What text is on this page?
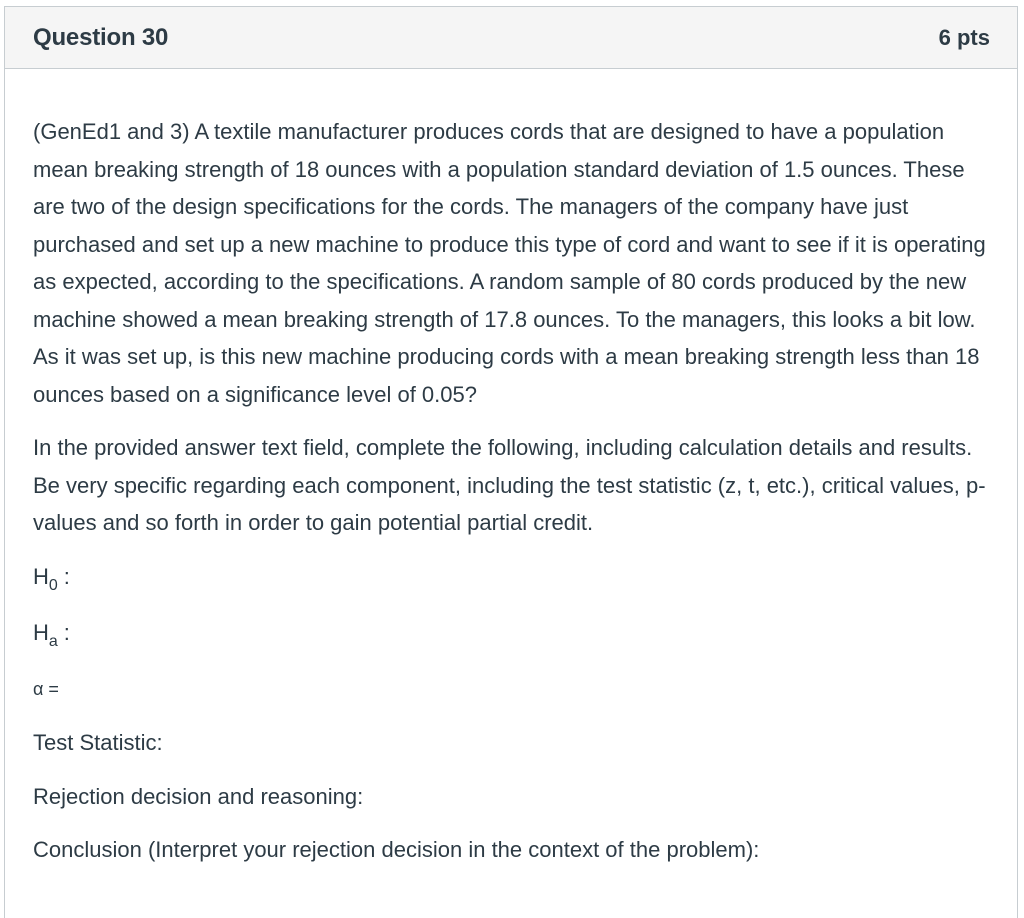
Question 30	6 pts

(GenEd1 and 3) A textile manufacturer produces cords that are designed to have a population mean breaking strength of 18 ounces with a population standard deviation of 1.5 ounces. These are two of the design specifications for the cords. The managers of the company have just purchased and set up a new machine to produce this type of cord and want to see if it is operating as expected, according to the specifications. A random sample of 80 cords produced by the new machine showed a mean breaking strength of 17.8 ounces. To the managers, this looks a bit low. As it was set up, is this new machine producing cords with a mean breaking strength less than 18 ounces based on a significance level of 0.05?

In the provided answer text field, complete the following, including calculation details and results. Be very specific regarding each component, including the test statistic (z, t, etc.), critical values, p-values and so forth in order to gain potential partial credit.

$H_0$ :

$H_a$ :

α =

Test Statistic:

Rejection decision and reasoning:

Conclusion (Interpret your rejection decision in the context of the problem):
